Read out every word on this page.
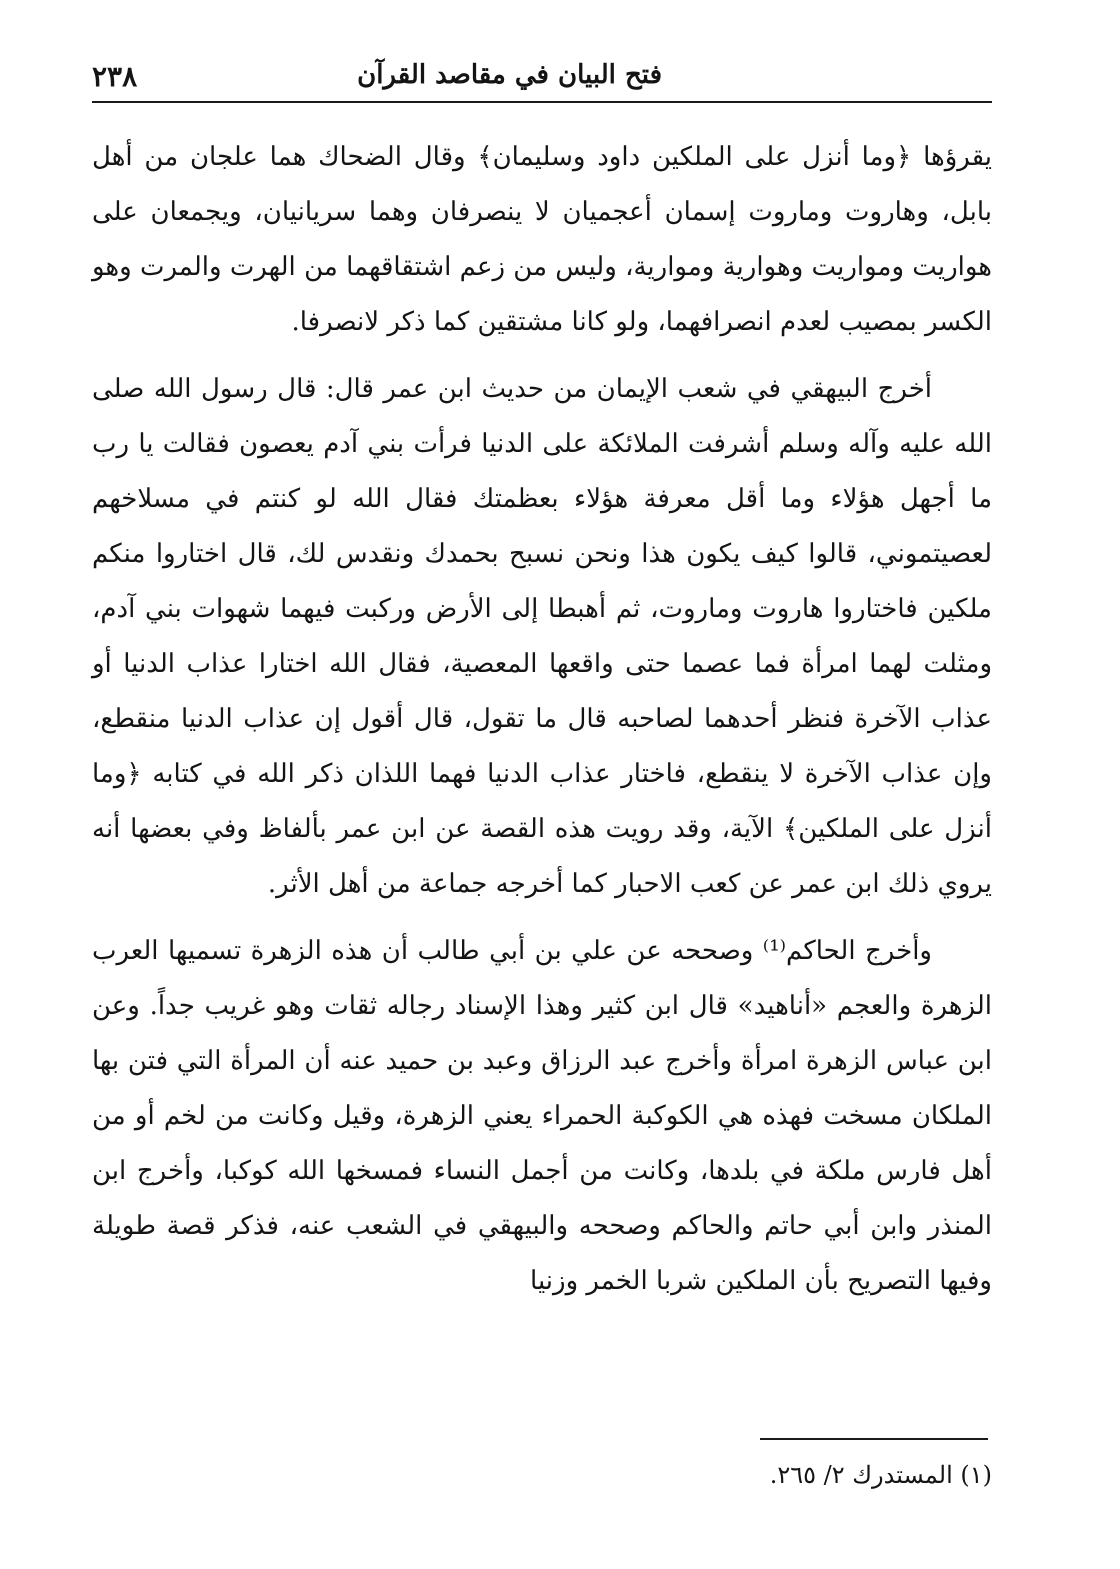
فتح البيان في مقاصد القرآن
٢٣٨

يقرؤها ﴿وما أنزل على الملكين داود وسليمان﴾ وقال الضحاك هما علجان من أهل بابل، وهاروت وماروت إسمان أعجميان لا ينصرفان وهما سريانيان، ويجمعان على هواريت ومواريت وهوارية وموارية، وليس من زعم اشتقاقهما من الهرت والمرت وهو الكسر بمصيب لعدم انصرافهما، ولو كانا مشتقين كما ذكر لانصرفا.

أخرج البيهقي في شعب الإيمان من حديث ابن عمر قال: قال رسول الله صلى الله عليه وآله وسلم أشرفت الملائكة على الدنيا فرأت بني آدم يعصون فقالت يا رب ما أجهل هؤلاء وما أقل معرفة هؤلاء بعظمتك فقال الله لو كنتم في مسلاخهم لعصيتموني، قالوا كيف يكون هذا ونحن نسبح بحمدك ونقدس لك، قال اختاروا منكم ملكين فاختاروا هاروت وماروت، ثم أهبطا إلى الأرض وركبت فيهما شهوات بني آدم، ومثلت لهما امرأة فما عصما حتى واقعها المعصية، فقال الله اختارا عذاب الدنيا أو عذاب الآخرة فنظر أحدهما لصاحبه قال ما تقول، قال أقول إن عذاب الدنيا منقطع، وإن عذاب الآخرة لا ينقطع، فاختار عذاب الدنيا فهما اللذان ذكر الله في كتابه ﴿وما أنزل على الملكين﴾ الآية، وقد رويت هذه القصة عن ابن عمر بألفاظ وفي بعضها أنه يروي ذلك ابن عمر عن كعب الاحبار كما أخرجه جماعة من أهل الأثر.

وأخرج الحاكم⁽¹⁾ وصححه عن علي بن أبي طالب أن هذه الزهرة تسميها العرب الزهرة والعجم «أناهيد» قال ابن كثير وهذا الإسناد رجاله ثقات وهو غريب جداً. وعن ابن عباس الزهرة امرأة وأخرج عبد الرزاق وعبد بن حميد عنه أن المرأة التي فتن بها الملكان مسخت فهذه هي الكوكبة الحمراء يعني الزهرة، وقيل وكانت من لخم أو من أهل فارس ملكة في بلدها، وكانت من أجمل النساء فمسخها الله كوكبا، وأخرج ابن المنذر وابن أبي حاتم والحاكم وصححه والبيهقي في الشعب عنه، فذكر قصة طويلة وفيها التصريح بأن الملكين شربا الخمر وزنيا

(١) المستدرك ٢/ ٢٦٥.
